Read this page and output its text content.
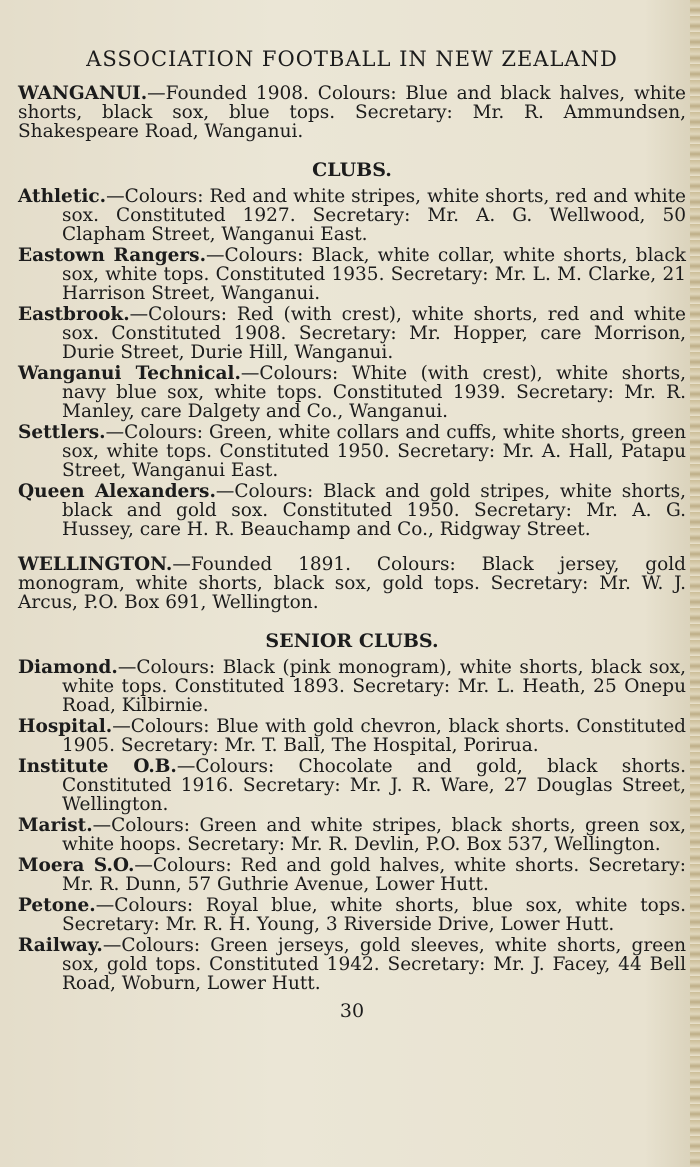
ASSOCIATION FOOTBALL IN NEW ZEALAND

WANGANUI.—Founded 1908. Colours: Blue and black halves, white shorts, black sox, blue tops. Secretary: Mr. R. Ammundsen, Shakespeare Road, Wanganui.

CLUBS.

Athletic.—Colours: Red and white stripes, white shorts, red and white sox. Constituted 1927. Secretary: Mr. A. G. Wellwood, 50 Clapham Street, Wanganui East.

Eastown Rangers.—Colours: Black, white collar, white shorts, black sox, white tops. Constituted 1935. Secretary: Mr. L. M. Clarke, 21 Harrison Street, Wanganui.

Eastbrook.—Colours: Red (with crest), white shorts, red and white sox. Constituted 1908. Secretary: Mr. Hopper, care Morrison, Durie Street, Durie Hill, Wanganui.

Wanganui Technical.—Colours: White (with crest), white shorts, navy blue sox, white tops. Constituted 1939. Secretary: Mr. R. Manley, care Dalgety and Co., Wanganui.

Settlers.—Colours: Green, white collars and cuffs, white shorts, green sox, white tops. Constituted 1950. Secretary: Mr. A. Hall, Patapu Street, Wanganui East.

Queen Alexanders.—Colours: Black and gold stripes, white shorts, black and gold sox. Constituted 1950. Secretary: Mr. A. G. Hussey, care H. R. Beauchamp and Co., Ridgway Street.

WELLINGTON.—Founded 1891. Colours: Black jersey, gold monogram, white shorts, black sox, gold tops. Secretary: Mr. W. J. Arcus, P.O. Box 691, Wellington.

SENIOR CLUBS.

Diamond.—Colours: Black (pink monogram), white shorts, black sox, white tops. Constituted 1893. Secretary: Mr. L. Heath, 25 Onepu Road, Kilbirnie.

Hospital.—Colours: Blue with gold chevron, black shorts. Constituted 1905. Secretary: Mr. T. Ball, The Hospital, Porirua.

Institute O.B.—Colours: Chocolate and gold, black shorts. Constituted 1916. Secretary: Mr. J. R. Ware, 27 Douglas Street, Wellington.

Marist.—Colours: Green and white stripes, black shorts, green sox, white hoops. Secretary: Mr. R. Devlin, P.O. Box 537, Wellington.

Moera S.O.—Colours: Red and gold halves, white shorts. Secretary: Mr. R. Dunn, 57 Guthrie Avenue, Lower Hutt.

Petone.—Colours: Royal blue, white shorts, blue sox, white tops. Secretary: Mr. R. H. Young, 3 Riverside Drive, Lower Hutt.

Railway.—Colours: Green jerseys, gold sleeves, white shorts, green sox, gold tops. Constituted 1942. Secretary: Mr. J. Facey, 44 Bell Road, Woburn, Lower Hutt.

30
